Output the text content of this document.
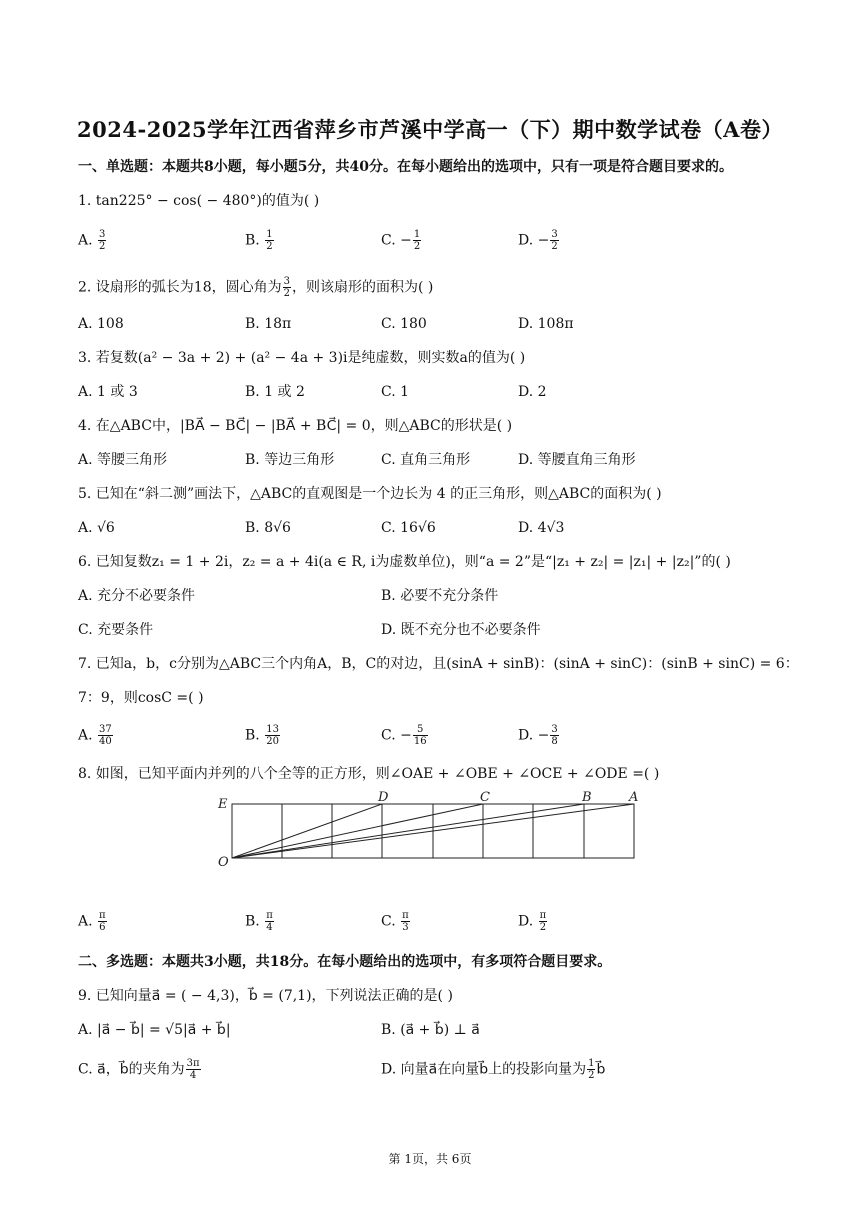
2024-2025学年江西省萍乡市芦溪中学高一（下）期中数学试卷（A卷）
一、单选题：本题共8小题，每小题5分，共40分。在每小题给出的选项中，只有一项是符合题目要求的。
1. tan225° − cos( − 480°)的值为( )
A. $\frac{3}{2}$	B. $\frac{1}{2}$	C. − $\frac{1}{2}$	D. − $\frac{3}{2}$
2. 设扇形的弧长为18，圆心角为 $\frac{3}{2}$ ，则该扇形的面积为( )
A. 108	B. 18π	C. 180	D. 108π
3. 若复数(a² − 3a + 2) + (a² − 4a + 3)i是纯虚数，则实数a的值为( )
A. 1 或 3	B. 1 或 2	C. 1	D. 2
4. 在△ABC中，|BA⃗ − BC⃗| − |BA⃗ + BC⃗| = 0，则△ABC的形状是( )
A. 等腰三角形	B. 等边三角形	C. 直角三角形	D. 等腰直角三角形
5. 已知在“斜二测”画法下，△ABC的直观图是一个边长为 4 的正三角形，则△ABC的面积为( )
A. √6	B. 8√6	C. 16√6	D. 4√3
6. 已知复数z₁ = 1 + 2i，z₂ = a + 4i(a ∈ R, i为虚数单位)，则“a = 2”是“|z₁ + z₂| = |z₁| + |z₂|”的( )
A. 充分不必要条件	B. 必要不充分条件
C. 充要条件	D. 既不充分也不必要条件
7. 已知a，b，c分别为△ABC三个内角A，B，C的对边，且(sinA + sinB)：(sinA + sinC)：(sinB + sinC) = 6：
7：9，则cosC =( )
A. $\frac{37}{40}$	B. $\frac{13}{20}$	C. − $\frac{5}{16}$	D. − $\frac{3}{8}$
8. 如图，已知平面内并列的八个全等的正方形，则∠OAE + ∠OBE + ∠OCE + ∠ODE =( )
E	D	C	B	A
O
A. $\frac{\pi}{6}$	B. $\frac{\pi}{4}$	C. $\frac{\pi}{3}$	D. $\frac{\pi}{2}$
二、多选题：本题共3小题，共18分。在每小题给出的选项中，有多项符合题目要求。
9. 已知向量a⃗ = ( − 4,3)，b⃗ = (7,1)，下列说法正确的是( )
A. |a⃗ − b⃗| = √5|a⃗ + b⃗|	B. (a⃗ + b⃗) ⊥ a⃗
C. a⃗，b⃗的夹角为 $\frac{3\pi}{4}$	D. 向量a⃗在向量b⃗上的投影向量为 $\frac{1}{2}$ b⃗
第 1页，共 6页
